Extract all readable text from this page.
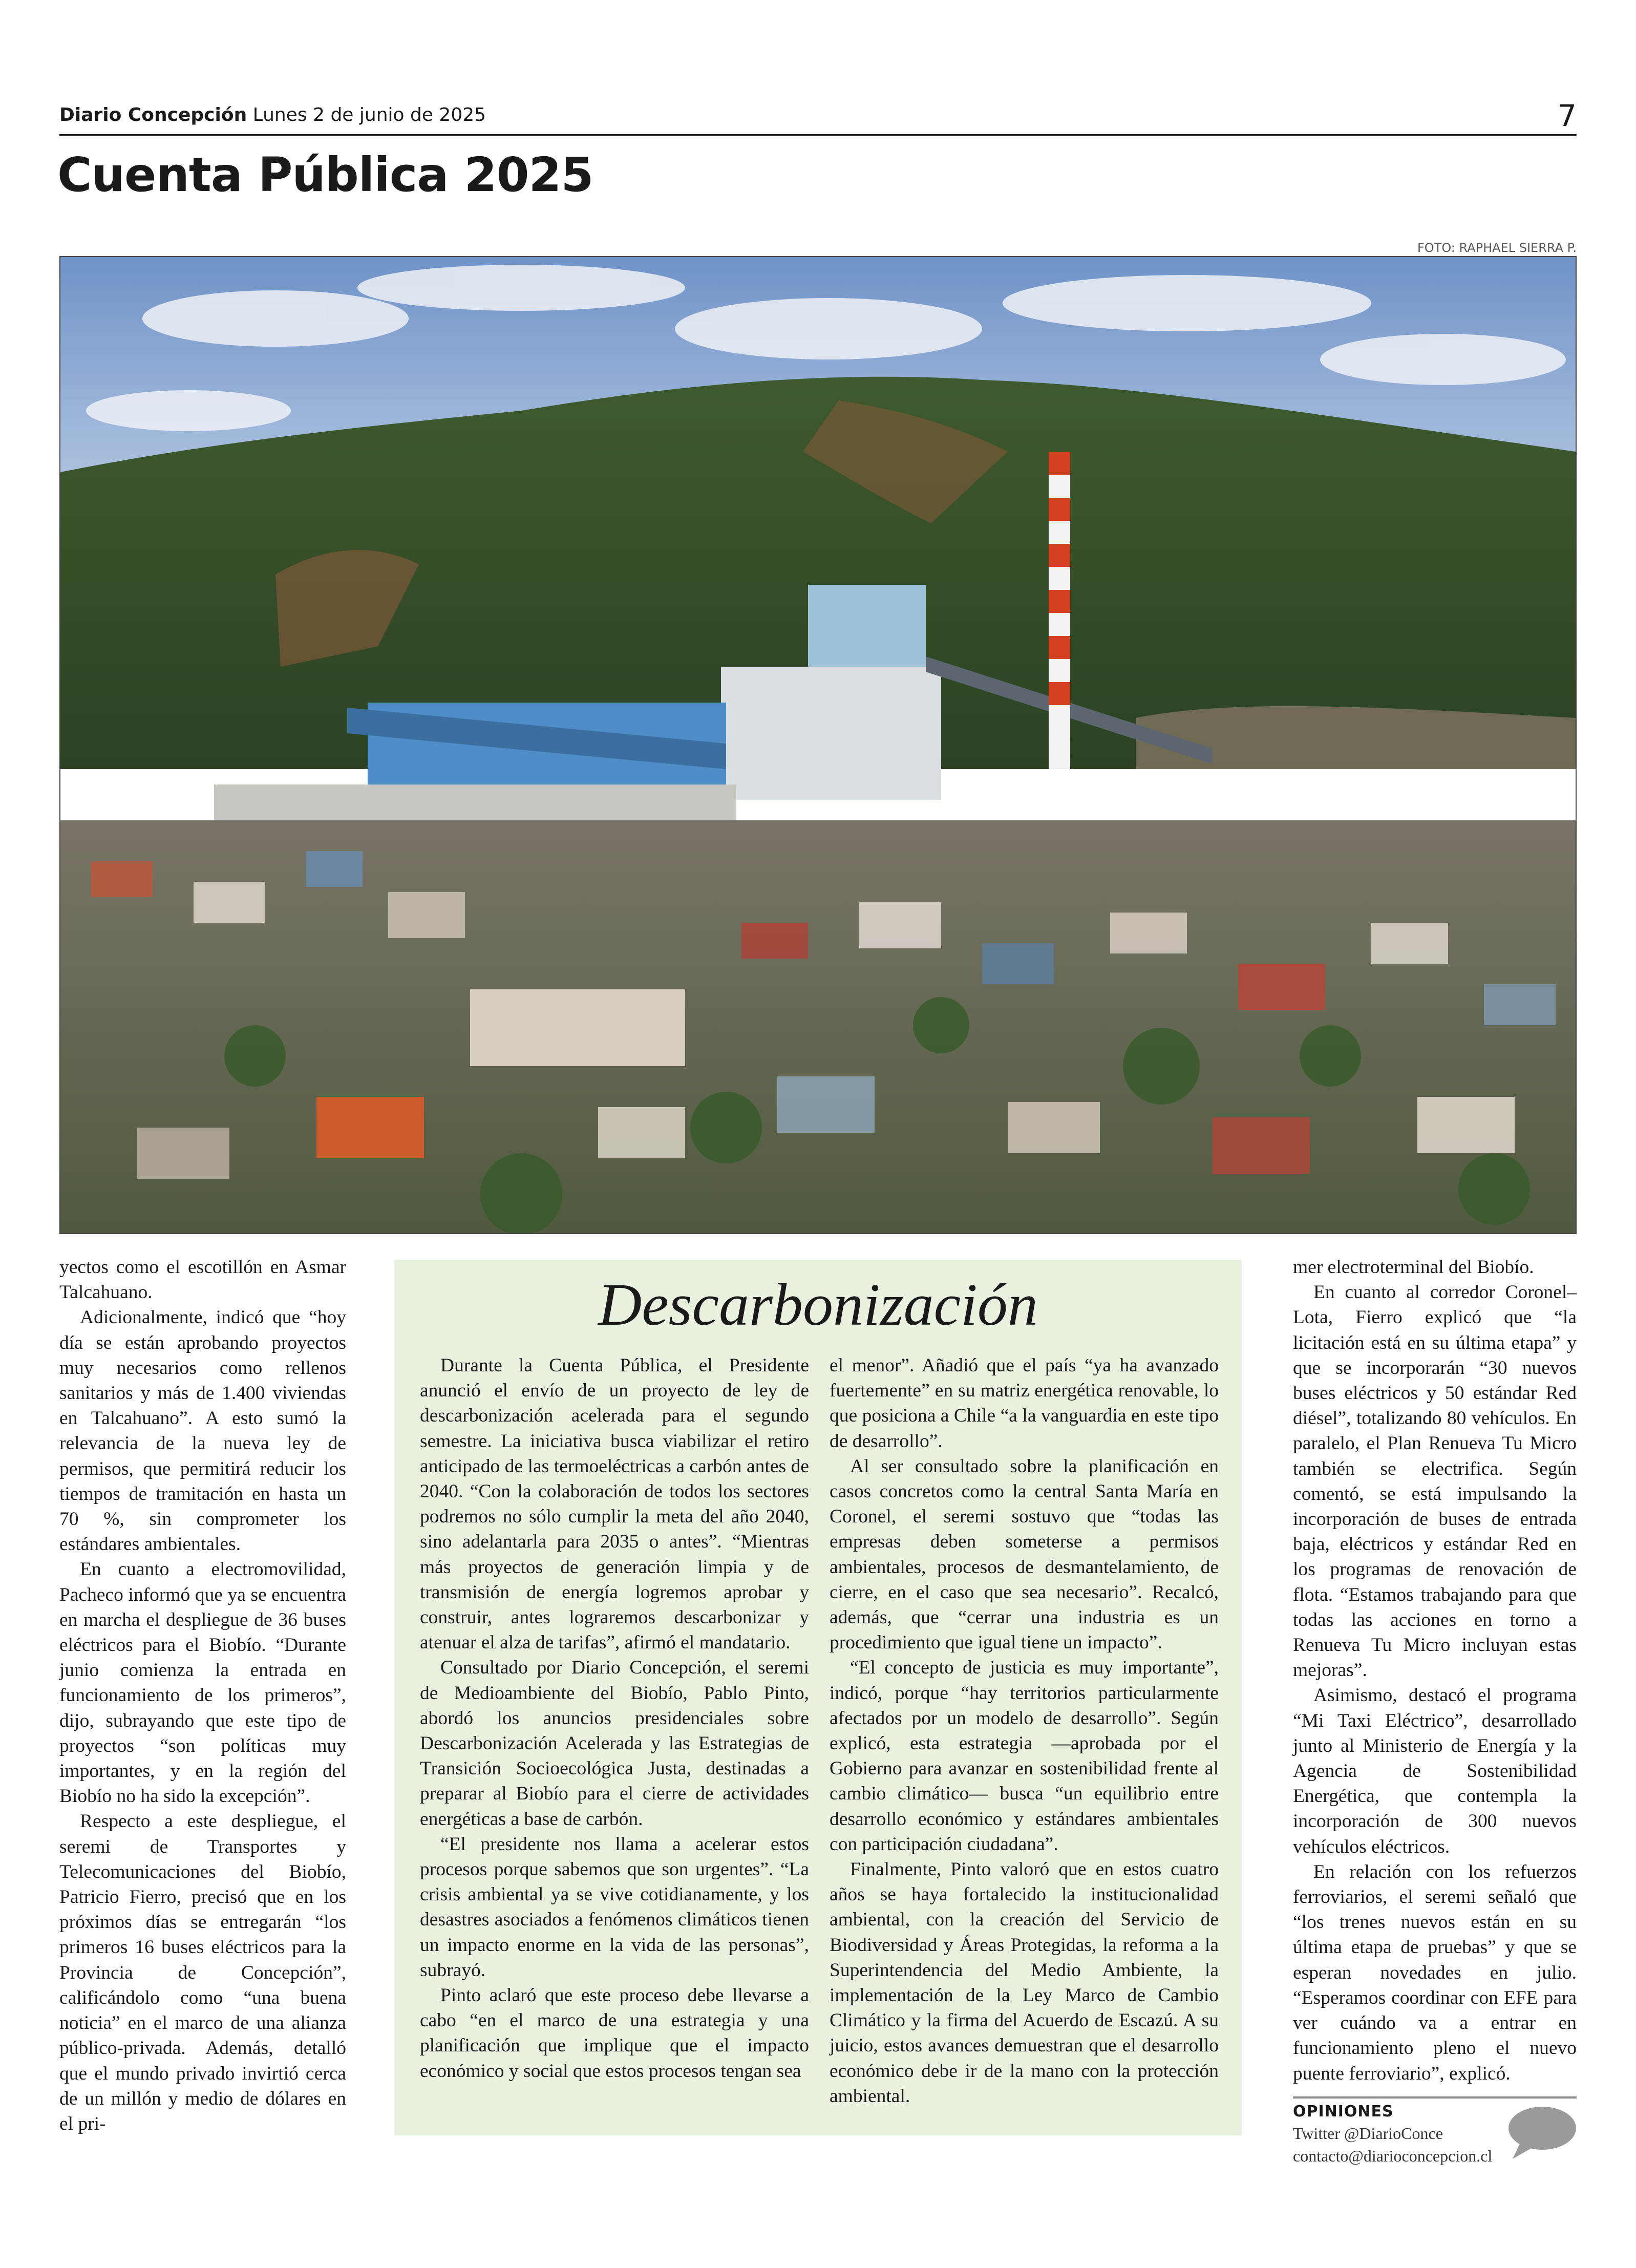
Diario Concepción Lunes 2 de junio de 2025	7
Cuenta Pública 2025
FOTO: RAPHAEL SIERRA P.

yectos como el escotillón en Asmar Talcahuano.

Adicionalmente, indicó que “hoy día se están aprobando proyectos muy necesarios como rellenos sanitarios y más de 1.400 viviendas en Talcahuano”. A esto sumó la relevancia de la nueva ley de permisos, que permitirá reducir los tiempos de tramitación en hasta un 70 %, sin comprometer los estándares ambientales.

En cuanto a electromovilidad, Pacheco informó que ya se encuentra en marcha el despliegue de 36 buses eléctricos para el Biobío. “Durante junio comienza la entrada en funcionamiento de los primeros”, dijo, subrayando que este tipo de proyectos “son políticas muy importantes, y en la región del Biobío no ha sido la excepción”.

Respecto a este despliegue, el seremi de Transportes y Telecomunicaciones del Biobío, Patricio Fierro, precisó que en los próximos días se entregarán “los primeros 16 buses eléctricos para la Provincia de Concepción”, calificándolo como “una buena noticia” en el marco de una alianza público-privada. Además, detalló que el mundo privado invirtió cerca de un millón y medio de dólares en el pri-

Descarbonización

Durante la Cuenta Pública, el Presidente anunció el envío de un proyecto de ley de descarbonización acelerada para el segundo semestre. La iniciativa busca viabilizar el retiro anticipado de las termoeléctricas a carbón antes de 2040. “Con la colaboración de todos los sectores podremos no sólo cumplir la meta del año 2040, sino adelantarla para 2035 o antes”. “Mientras más proyectos de generación limpia y de transmisión de energía logremos aprobar y construir, antes lograremos descarbonizar y atenuar el alza de tarifas”, afirmó el mandatario.

Consultado por Diario Concepción, el seremi de Medioambiente del Biobío, Pablo Pinto, abordó los anuncios presidenciales sobre Descarbonización Acelerada y las Estrategias de Transición Socioecológica Justa, destinadas a preparar al Biobío para el cierre de actividades energéticas a base de carbón.

“El presidente nos llama a acelerar estos procesos porque sabemos que son urgentes”. “La crisis ambiental ya se vive cotidianamente, y los desastres asociados a fenómenos climáticos tienen un impacto enorme en la vida de las personas”, subrayó.

Pinto aclaró que este proceso debe llevarse a cabo “en el marco de una estrategia y una planificación que implique que el impacto económico y social que estos procesos tengan sea

el menor”. Añadió que el país “ya ha avanzado fuertemente” en su matriz energética renovable, lo que posiciona a Chile “a la vanguardia en este tipo de desarrollo”.

Al ser consultado sobre la planificación en casos concretos como la central Santa María en Coronel, el seremi sostuvo que “todas las empresas deben someterse a permisos ambientales, procesos de desmantelamiento, de cierre, en el caso que sea necesario”. Recalcó, además, que “cerrar una industria es un procedimiento que igual tiene un impacto”.

“El concepto de justicia es muy importante”, indicó, porque “hay territorios particularmente afectados por un modelo de desarrollo”. Según explicó, esta estrategia —aprobada por el Gobierno para avanzar en sostenibilidad frente al cambio climático— busca “un equilibrio entre desarrollo económico y estándares ambientales con participación ciudadana”.

Finalmente, Pinto valoró que en estos cuatro años se haya fortalecido la institucionalidad ambiental, con la creación del Servicio de Biodiversidad y Áreas Protegidas, la reforma a la Superintendencia del Medio Ambiente, la implementación de la Ley Marco de Cambio Climático y la firma del Acuerdo de Escazú. A su juicio, estos avances demuestran que el desarrollo económico debe ir de la mano con la protección ambiental.

mer electroterminal del Biobío.

En cuanto al corredor Coronel–Lota, Fierro explicó que “la licitación está en su última etapa” y que se incorporarán “30 nuevos buses eléctricos y 50 estándar Red diésel”, totalizando 80 vehículos. En paralelo, el Plan Renueva Tu Micro también se electrifica. Según comentó, se está impulsando la incorporación de buses de entrada baja, eléctricos y estándar Red en los programas de renovación de flota. “Estamos trabajando para que todas las acciones en torno a Renueva Tu Micro incluyan estas mejoras”.

Asimismo, destacó el programa “Mi Taxi Eléctrico”, desarrollado junto al Ministerio de Energía y la Agencia de Sostenibilidad Energética, que contempla la incorporación de 300 nuevos vehículos eléctricos.

En relación con los refuerzos ferroviarios, el seremi señaló que “los trenes nuevos están en su última etapa de pruebas” y que se esperan novedades en julio. “Esperamos coordinar con EFE para ver cuándo va a entrar en funcionamiento pleno el nuevo puente ferroviario”, explicó.

OPINIONES
Twitter @DiarioConce
contacto@diarioconcepcion.cl
